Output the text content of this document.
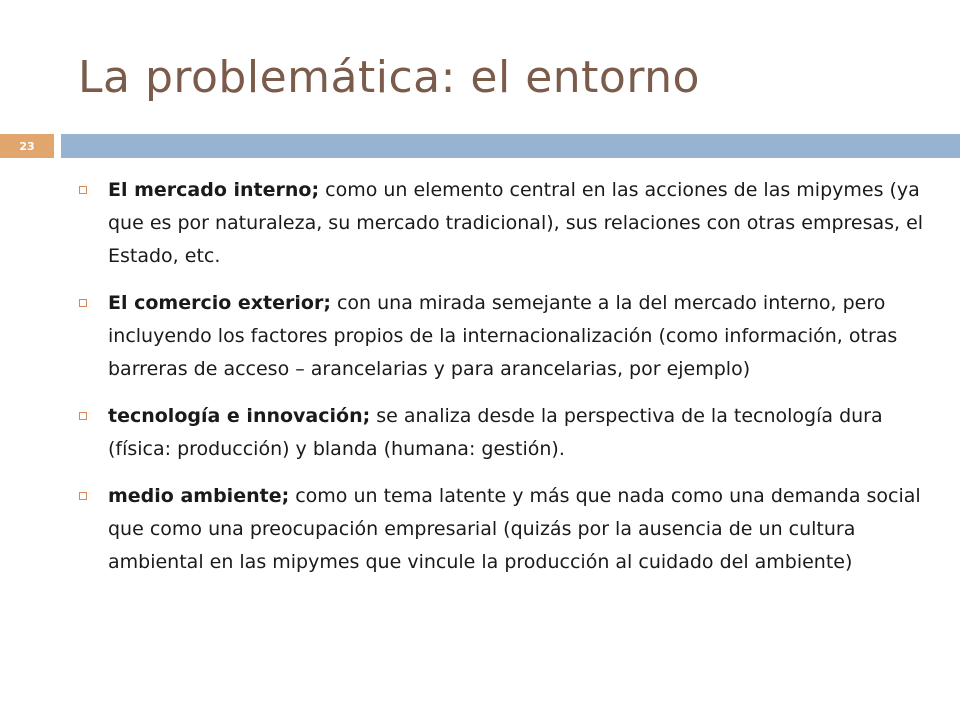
La problemática: el entorno
23
El mercado interno; como un elemento central en las acciones de las mipymes (ya que es por naturaleza, su mercado tradicional), sus relaciones con otras empresas, el Estado, etc.
El comercio exterior; con una mirada semejante a la del mercado interno, pero incluyendo los factores propios de la internacionalización (como información, otras barreras de acceso – arancelarias y para arancelarias, por ejemplo)
tecnología e innovación; se analiza desde la perspectiva de la tecnología dura (física: producción) y blanda (humana: gestión).
medio ambiente; como un tema latente y más que nada como una demanda social que como una preocupación empresarial (quizás por la ausencia de un cultura ambiental en las mipymes que vincule la producción al cuidado del ambiente)
